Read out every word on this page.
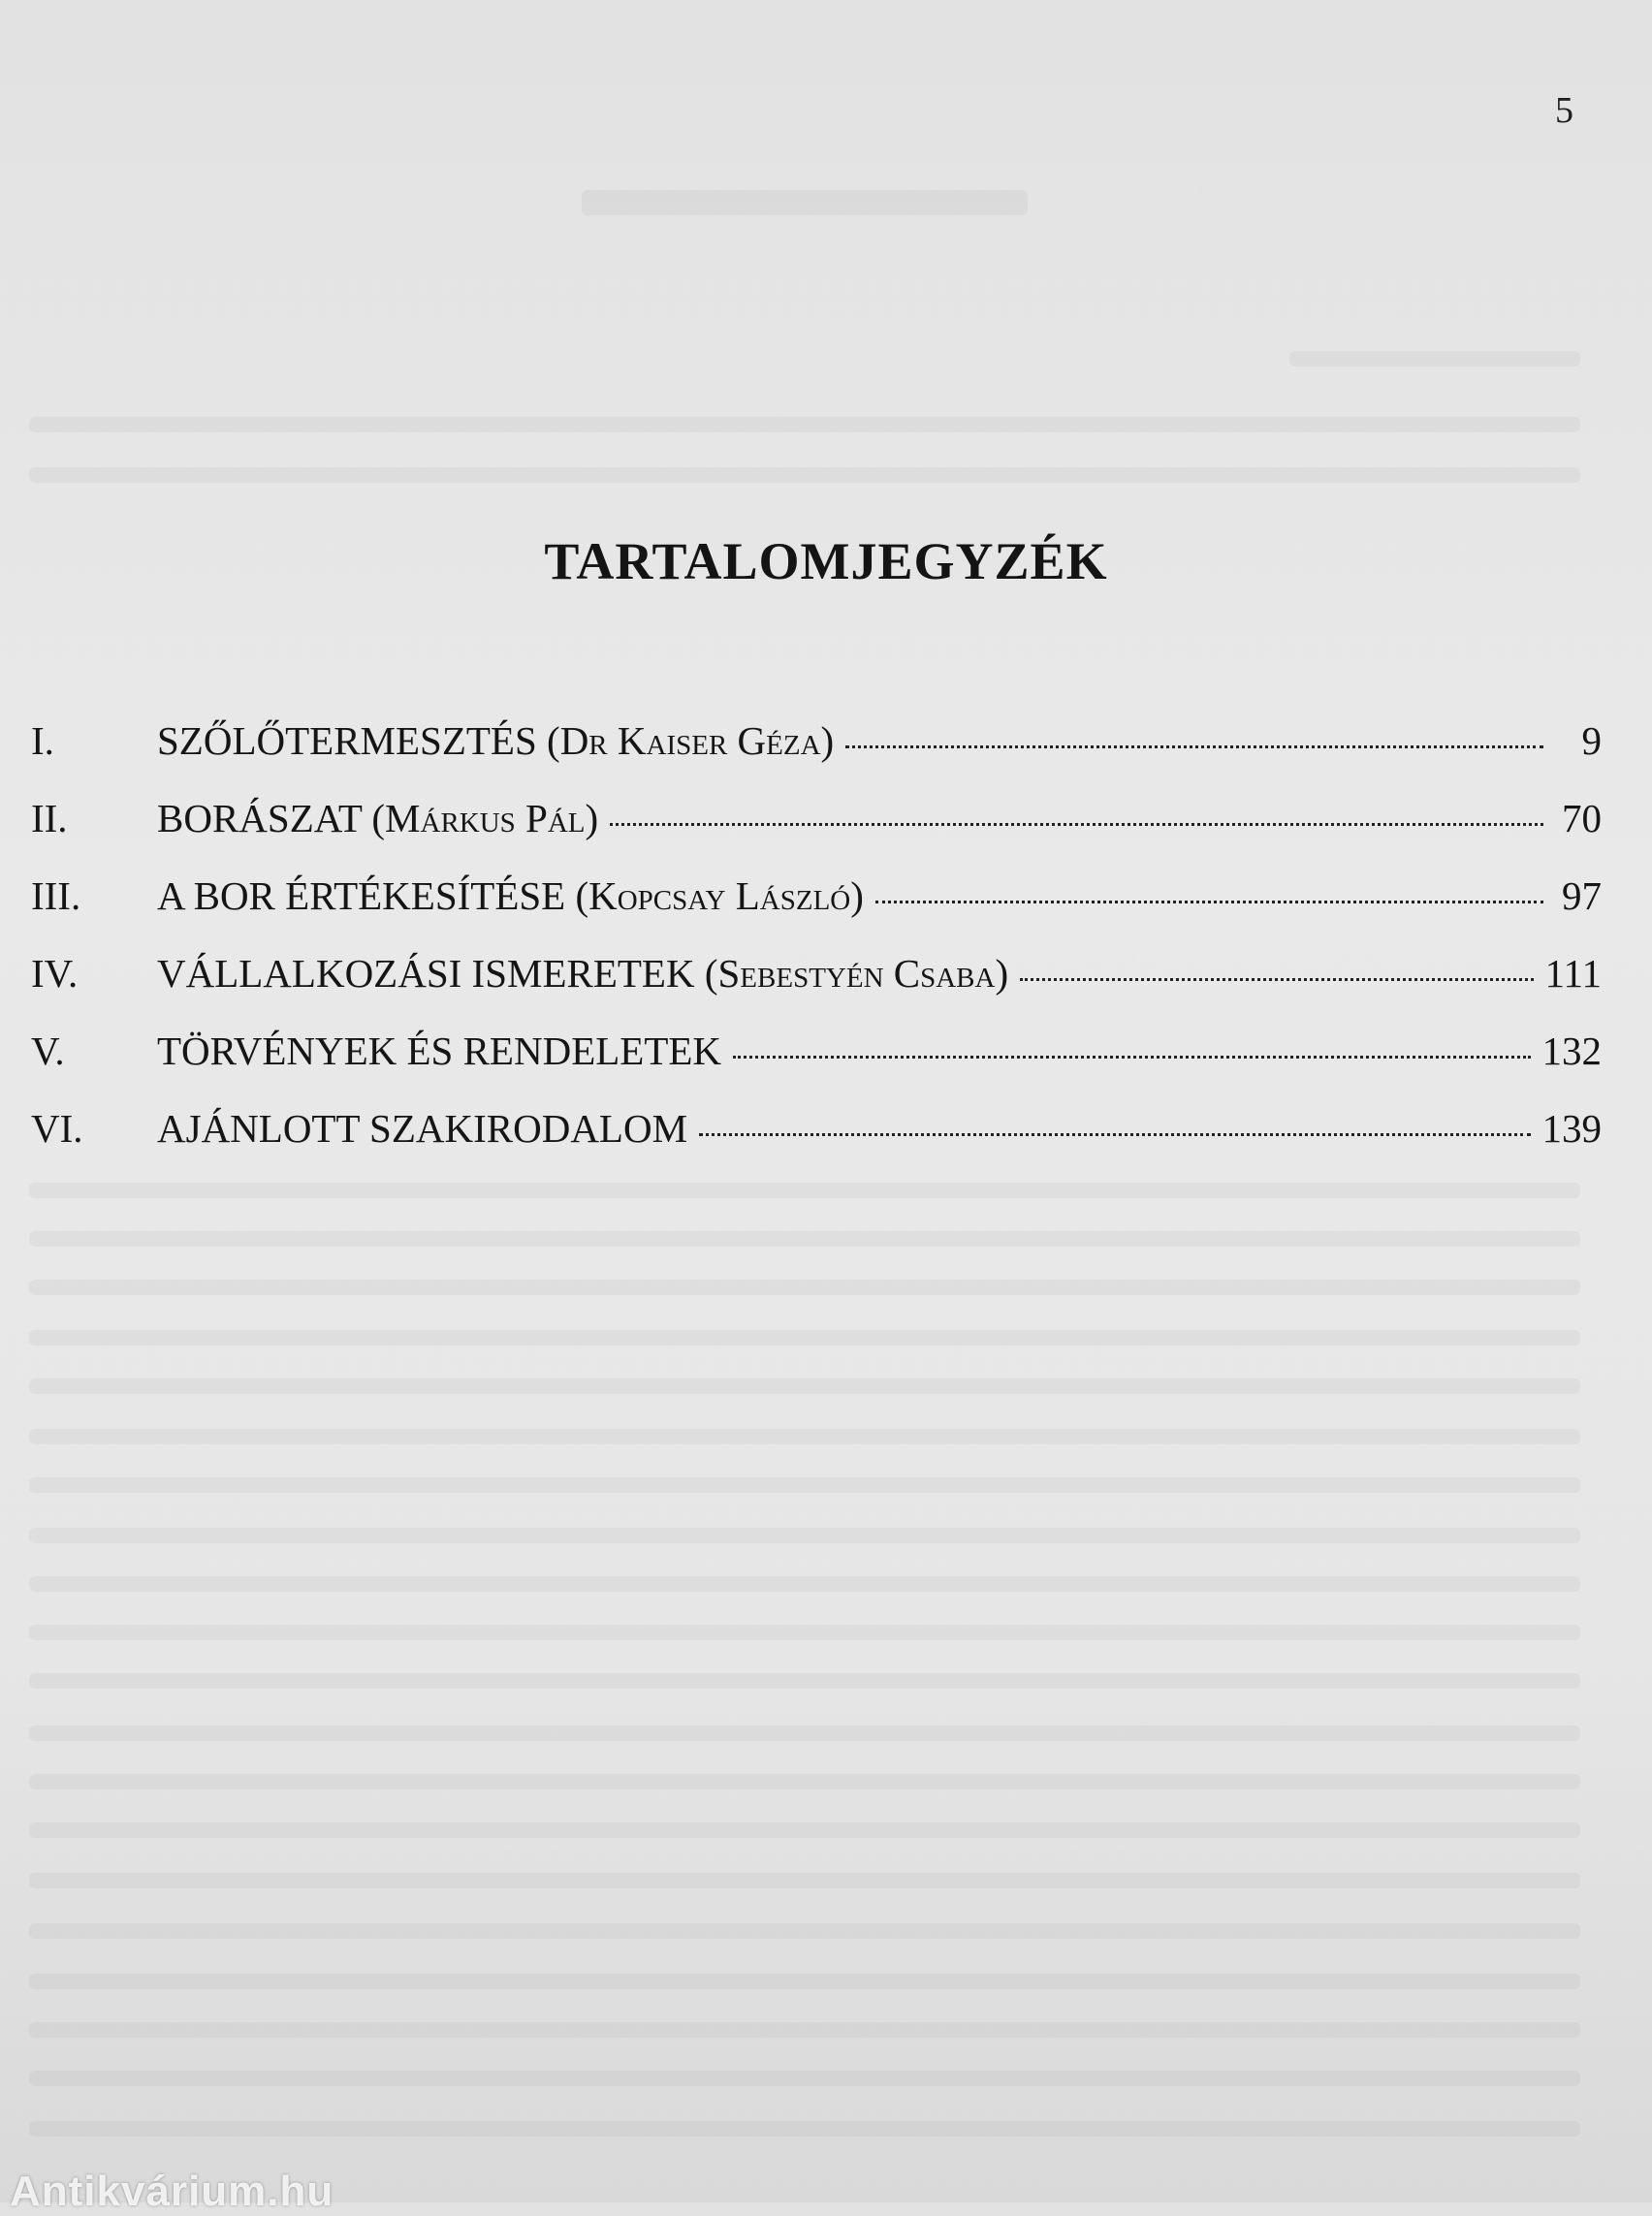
5
TARTALOMJEGYZÉK
I.	SZŐLŐTERMESZTÉS (Dr Kaiser Géza)	9
II.	BORÁSZAT (Márkus Pál)	70
III.	A BOR ÉRTÉKESÍTÉSE (Kopcsay László)	97
IV.	VÁLLALKOZÁSI ISMERETEK (Sebestyén Csaba)	111
V.	TÖRVÉNYEK ÉS RENDELETEK	132
VI.	AJÁNLOTT SZAKIRODALOM	139
Antikvárium.hu
